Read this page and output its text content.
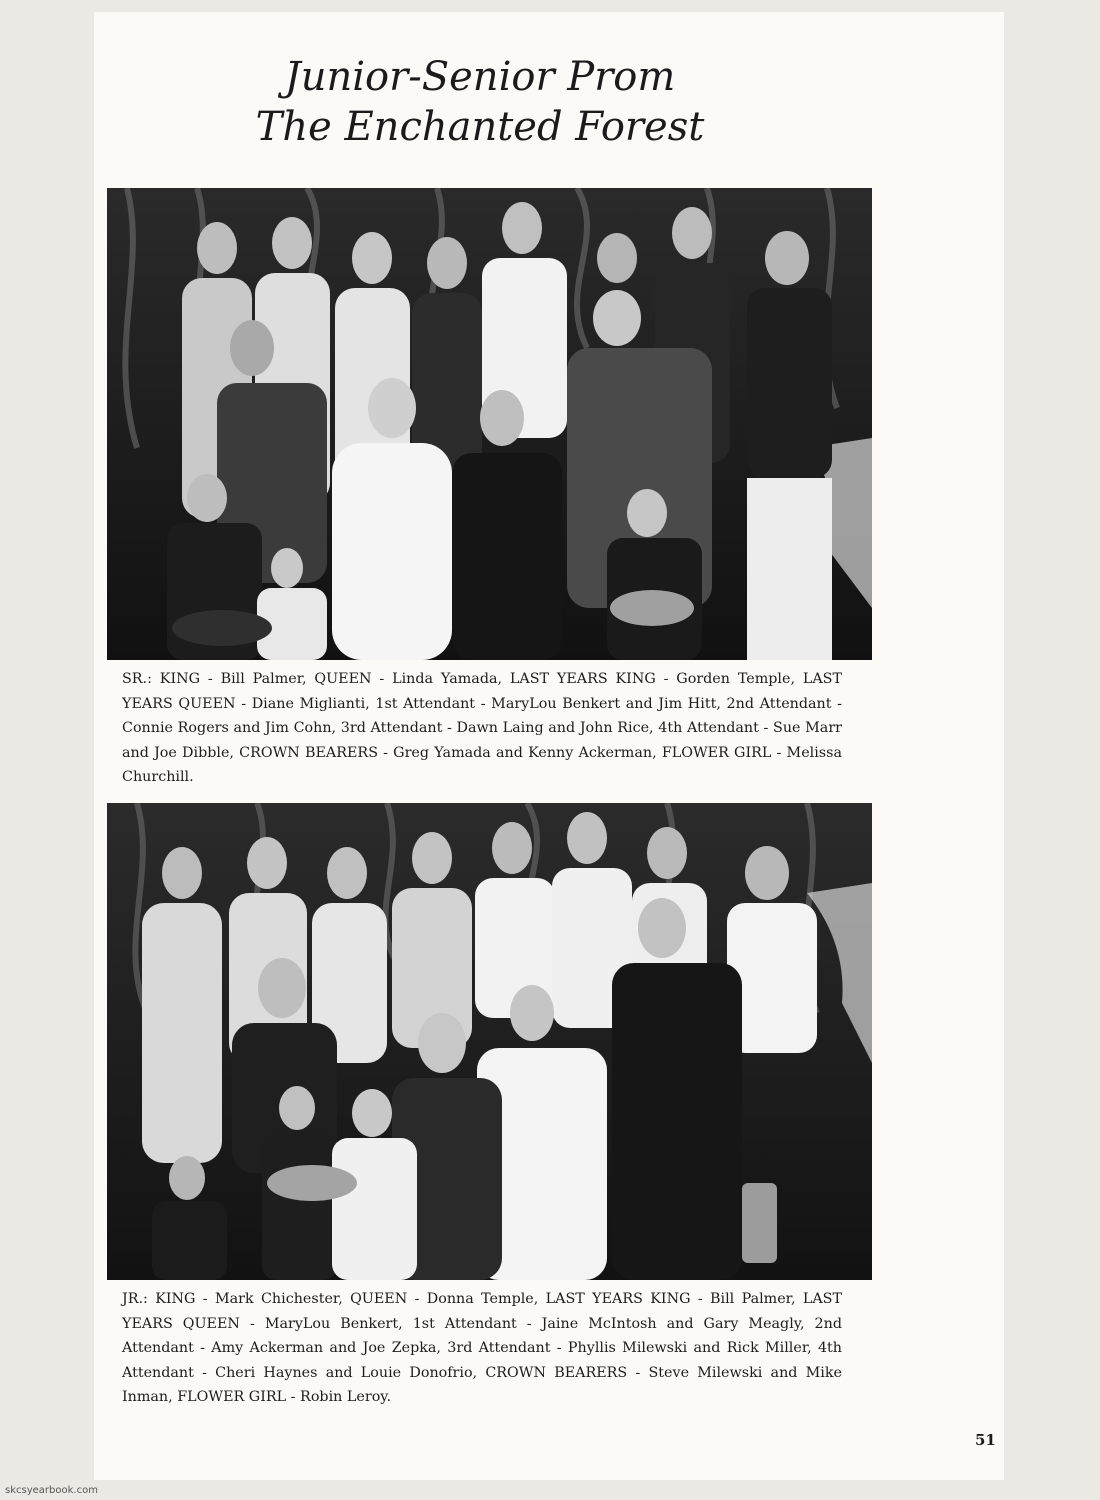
Junior-Senior Prom
The Enchanted Forest

SR.: KING - Bill Palmer, QUEEN - Linda Yamada, LAST YEARS KING - Gorden Temple, LAST YEARS QUEEN - Diane Miglianti, 1st Attendant - MaryLou Benkert and Jim Hitt, 2nd Attendant - Connie Rogers and Jim Cohn, 3rd Attendant - Dawn Laing and John Rice, 4th Attendant - Sue Marr and Joe Dibble, CROWN BEARERS - Greg Yamada and Kenny Ackerman, FLOWER GIRL - Melissa Churchill.

JR.: KING - Mark Chichester, QUEEN - Donna Temple, LAST YEARS KING - Bill Palmer, LAST YEARS QUEEN - MaryLou Benkert, 1st Attendant - Jaine McIntosh and Gary Meagly, 2nd Attendant - Amy Ackerman and Joe Zepka, 3rd Attendant - Phyllis Milewski and Rick Miller, 4th Attendant - Cheri Haynes and Louie Donofrio, CROWN BEARERS - Steve Milewski and Mike Inman, FLOWER GIRL - Robin Leroy.

51
skcsyearbook.com
